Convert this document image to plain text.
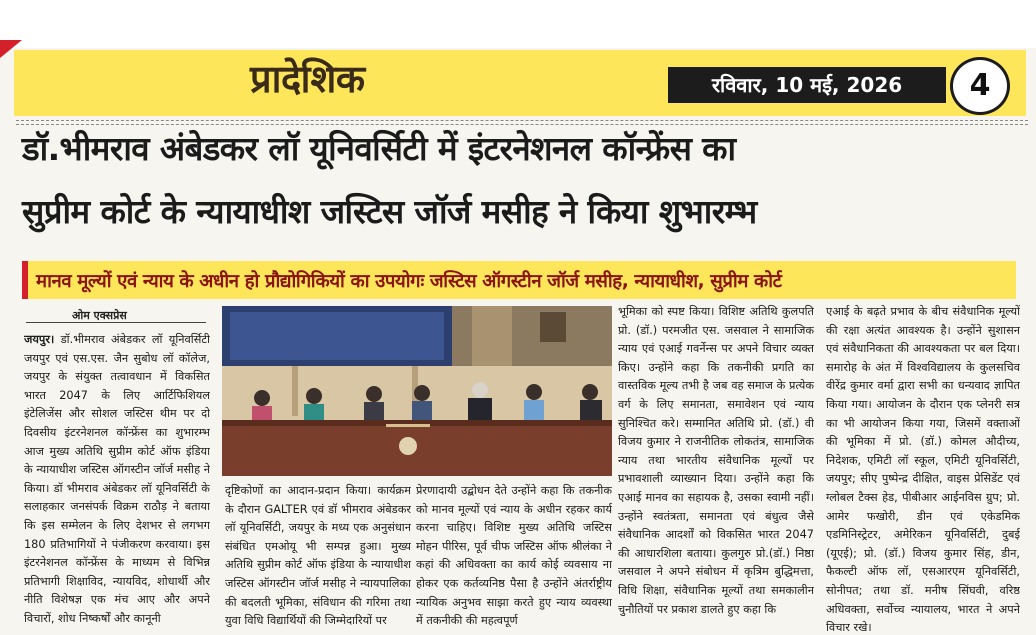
प्रादेशिक	रविवार, 10 मई, 2026	4
डॉ.भीमराव अंबेडकर लॉ यूनिवर्सिटी में इंटरनेशनल कॉन्फ्रेंस का
सुप्रीम कोर्ट के न्यायाधीश जस्टिस जॉर्ज मसीह ने किया शुभारम्भ
मानव मूल्यों एवं न्याय के अधीन हो प्रौद्योगिकियों का उपयोगः जस्टिस ऑगस्टीन जॉर्ज मसीह, न्यायाधीश, सुप्रीम कोर्ट
ओम एक्सप्रेस

जयपुर। डॉ.भीमराव अंबेडकर लॉ यूनिवर्सिटी जयपुर एवं एस.एस. जैन सुबोध लॉ कॉलेज, जयपुर के संयुक्त तत्वावधान में विकसित भारत 2047 के लिए आर्टिफिशियल इंटेलिजेंस और सोशल जस्टिस थीम पर दो दिवसीय इंटरनेशनल कॉन्फ्रेंस का शुभारम्भ आज मुख्य अतिथि सुप्रीम कोर्ट ऑफ इंडिया के न्यायाधीश जस्टिस ऑगस्टीन जॉर्ज मसीह ने किया। डॉ भीमराव अंबेडकर लॉ यूनिवर्सिटी के सलाहकार जनसंपर्क विक्रम राठौड़ ने बताया कि इस सम्मेलन के लिए देशभर से लगभग 180 प्रतिभागियों ने पंजीकरण करवाया। इस इंटरनेशनल कॉन्फ्रेंस के माध्यम से विभिन्न प्रतिभागी शिक्षाविद, न्यायविद, शोधार्थी और नीति विशेषज्ञ एक मंच आए और अपने विचारों, शोध निष्कर्षों और कानूनी

दृष्टिकोणों का आदान-प्रदान किया। कार्यक्रम के दौरान GALTER एवं डॉ भीमराव अंबेडकर लॉ यूनिवर्सिटी, जयपुर के मध्य एक अनुसंधान संबंधित एमओयू भी सम्पन्न हुआ। मुख्य अतिथि सुप्रीम कोर्ट ऑफ इंडिया के न्यायाधीश जस्टिस ऑगस्टीन जॉर्ज मसीह ने न्यायपालिका की बदलती भूमिका, संविधान की गरिमा तथा युवा विधि विद्यार्थियों की जिम्मेदारियों पर
प्रेरणादायी उद्बोधन देते उन्होंने कहा कि तकनीक को मानव मूल्यों एवं न्याय के अधीन रहकर कार्य करना चाहिए। विशिष्ट मुख्य अतिथि जस्टिस मोहन पीरिस, पूर्व चीफ जस्टिस ऑफ श्रीलंका ने कहां की अधिवक्ता का कार्य कोई व्यवसाय ना होकर एक कर्तव्यनिष्ठ पैसा है उन्होंने अंतर्राष्ट्रीय न्यायिक अनुभव साझा करते हुए न्याय व्यवस्था में तकनीकी की महत्वपूर्ण
भूमिका को स्पष्ट किया। विशिष्ट अतिथि कुलपति प्रो. (डॉ.) परमजीत एस. जसवाल ने सामाजिक न्याय एवं एआई गवर्नेन्स पर अपने विचार व्यक्त किए। उन्होंने कहा कि तकनीकी प्रगति का वास्तविक मूल्य तभी है जब वह समाज के प्रत्येक वर्ग के लिए समानता, समावेशन एवं न्याय सुनिश्चित करे। सम्मानित अतिथि प्रो. (डॉ.) वी विजय कुमार ने राजनीतिक लोकतंत्र, सामाजिक न्याय तथा भारतीय संवैधानिक मूल्यों पर प्रभावशाली व्याख्यान दिया। उन्होंने कहा कि एआई मानव का सहायक है, उसका स्वामी नहीं। उन्होंने स्वतंत्रता, समानता एवं बंधुत्व जैसे संवैधानिक आदर्शों को विकसित भारत 2047 की आधारशिला बताया। कुलगुरु प्रो.(डॉ.) निष्ठा जसवाल ने अपने संबोधन में कृत्रिम बुद्धिमत्ता, विधि शिक्षा, संवैधानिक मूल्यों तथा समकालीन चुनौतियों पर प्रकाश डालते हुए कहा कि
एआई के बढ़ते प्रभाव के बीच संवैधानिक मूल्यों की रक्षा अत्यंत आवश्यक है। उन्होंने सुशासन एवं संवैधानिकता की आवश्यकता पर बल दिया। समारोह के अंत में विश्वविद्यालय के कुलसचिव वीरेंद्र कुमार वर्मा द्वारा सभी का धन्यवाद ज्ञापित किया गया। आयोजन के दौरान एक प्लेनरी सत्र का भी आयोजन किया गया, जिसमें वक्ताओं की भूमिका में प्रो. (डॉ.) कोमल औदीच्य, निदेशक, एमिटी लॉ स्कूल, एमिटी यूनिवर्सिटी, जयपुर; सीए पुष्पेन्द्र दीक्षित, वाइस प्रेसिडेंट एवं ग्लोबल टैक्स हेड, पीबीआर आईनविस ग्रुप; प्रो. आमेर फखोरी, डीन एवं एकेडमिक एडमिनिस्ट्रेटर, अमेरिकन यूनिवर्सिटी, दुबई (यूएई); प्रो. (डॉ.) विजय कुमार सिंह, डीन, फैकल्टी ऑफ लॉ, एसआरएम यूनिवर्सिटी, सोनीपत; तथा डॉ. मनीष सिंघवी, वरिष्ठ अधिवक्ता, सर्वोच्च न्यायालय, भारत ने अपने विचार रखे।
